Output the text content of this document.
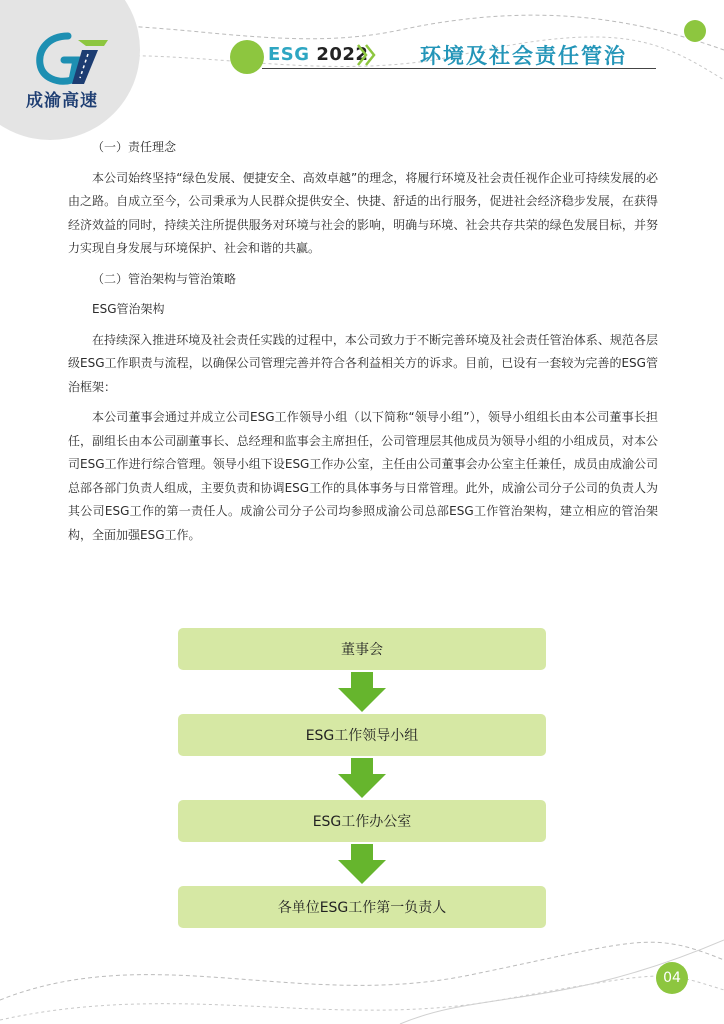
成渝高速
ESG 2022 环境及社会责任管治

（一）责任理念

本公司始终坚持“绿色发展、便捷安全、高效卓越”的理念，将履行环境及社会责任视作企业可持续发展的必由之路。自成立至今，公司秉承为人民群众提供安全、快捷、舒适的出行服务，促进社会经济稳步发展，在获得经济效益的同时，持续关注所提供服务对环境与社会的影响，明确与环境、社会共存共荣的绿色发展目标，并努力实现自身发展与环境保护、社会和谐的共赢。

（二）管治架构与管治策略

ESG管治架构

在持续深入推进环境及社会责任实践的过程中，本公司致力于不断完善环境及社会责任管治体系、规范各层级ESG工作职责与流程，以确保公司管理完善并符合各利益相关方的诉求。目前，已设有一套较为完善的ESG管治框架：

本公司董事会通过并成立公司ESG工作领导小组（以下简称“领导小组”），领导小组组长由本公司董事长担任，副组长由本公司副董事长、总经理和监事会主席担任，公司管理层其他成员为领导小组的小组成员，对本公司ESG工作进行综合管理。领导小组下设ESG工作办公室，主任由公司董事会办公室主任兼任，成员由成渝公司总部各部门负责人组成，主要负责和协调ESG工作的具体事务与日常管理。此外，成渝公司分子公司的负责人为其公司ESG工作的第一责任人。成渝公司分子公司均参照成渝公司总部ESG工作管治架构，建立相应的管治架构，全面加强ESG工作。

董事会
ESG工作领导小组
ESG工作办公室
各单位ESG工作第一负责人
04
